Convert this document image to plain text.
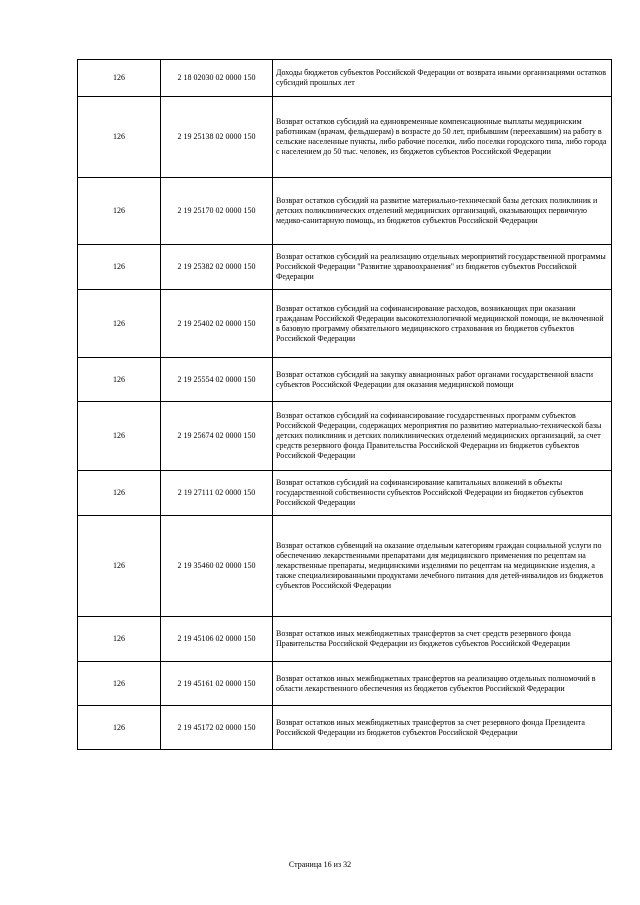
126	2 18 02030 02 0000 150	Доходы бюджетов субъектов Российской Федерации от возврата иными организациями остатков субсидий прошлых лет
126	2 19 25138 02 0000 150	Возврат остатков субсидий на единовременные компенсационные выплаты медицинским работникам (врачам, фельдшерам) в возрасте до 50 лет, прибывшим (переехавшим) на работу в сельские населенные пункты, либо рабочие поселки, либо поселки городского типа, либо города с населением до 50 тыс. человек, из бюджетов субъектов Российской Федерации
126	2 19 25170 02 0000 150	Возврат остатков субсидий на развитие материально-технической базы детских поликлиник и детских поликлинических отделений медицинских организаций, оказывающих первичную медико-санитарную помощь, из бюджетов субъектов Российской Федерации
126	2 19 25382 02 0000 150	Возврат остатков субсидий на реализацию отдельных мероприятий государственной программы Российской Федерации "Развитие здравоохранения" из бюджетов субъектов Российской Федерации
126	2 19 25402 02 0000 150	Возврат остатков субсидий на софинансирование расходов, возникающих при оказании гражданам Российской Федерации высокотехнологичной медицинской помощи, не включенной в базовую программу обязательного медицинского страхования из бюджетов субъектов Российской Федерации
126	2 19 25554 02 0000 150	Возврат остатков субсидий на закупку авиационных работ органами государственной власти субъектов Российской Федерации для оказания медицинской помощи
126	2 19 25674 02 0000 150	Возврат остатков субсидий на софинансирование государственных программ субъектов Российской Федерации, содержащих мероприятия по развитию материально-технической базы детских поликлиник и детских поликлинических отделений медицинских организаций, за счет средств резервного фонда Правительства Российской Федерации из бюджетов субъектов Российской Федерации
126	2 19 27111 02 0000 150	Возврат остатков субсидий на софинансирование капитальных вложений в объекты государственной собственности субъектов Российской Федерации из бюджетов субъектов Российской Федерации
126	2 19 35460 02 0000 150	Возврат остатков субвенций на оказание отдельным категориям граждан социальной услуги по обеспечению лекарственными препаратами для медицинского применения по рецептам на лекарственные препараты, медицинскими изделиями по рецептам на медицинские изделия, а также специализированными продуктами лечебного питания для детей-инвалидов из бюджетов субъектов Российской Федерации
126	2 19 45106 02 0000 150	Возврат остатков иных межбюджетных трансфертов за счет средств резервного фонда Правительства Российской Федерации из бюджетов субъектов Российской Федерации
126	2 19 45161 02 0000 150	Возврат остатков иных межбюджетных трансфертов на реализацию отдельных полномочий в области лекарственного обеспечения из бюджетов субъектов Российской Федерации
126	2 19 45172 02 0000 150	Возврат остатков иных межбюджетных трансфертов за счет резервного фонда Президента Российской Федерации из бюджетов субъектов Российской Федерации
Страница 16 из 32
